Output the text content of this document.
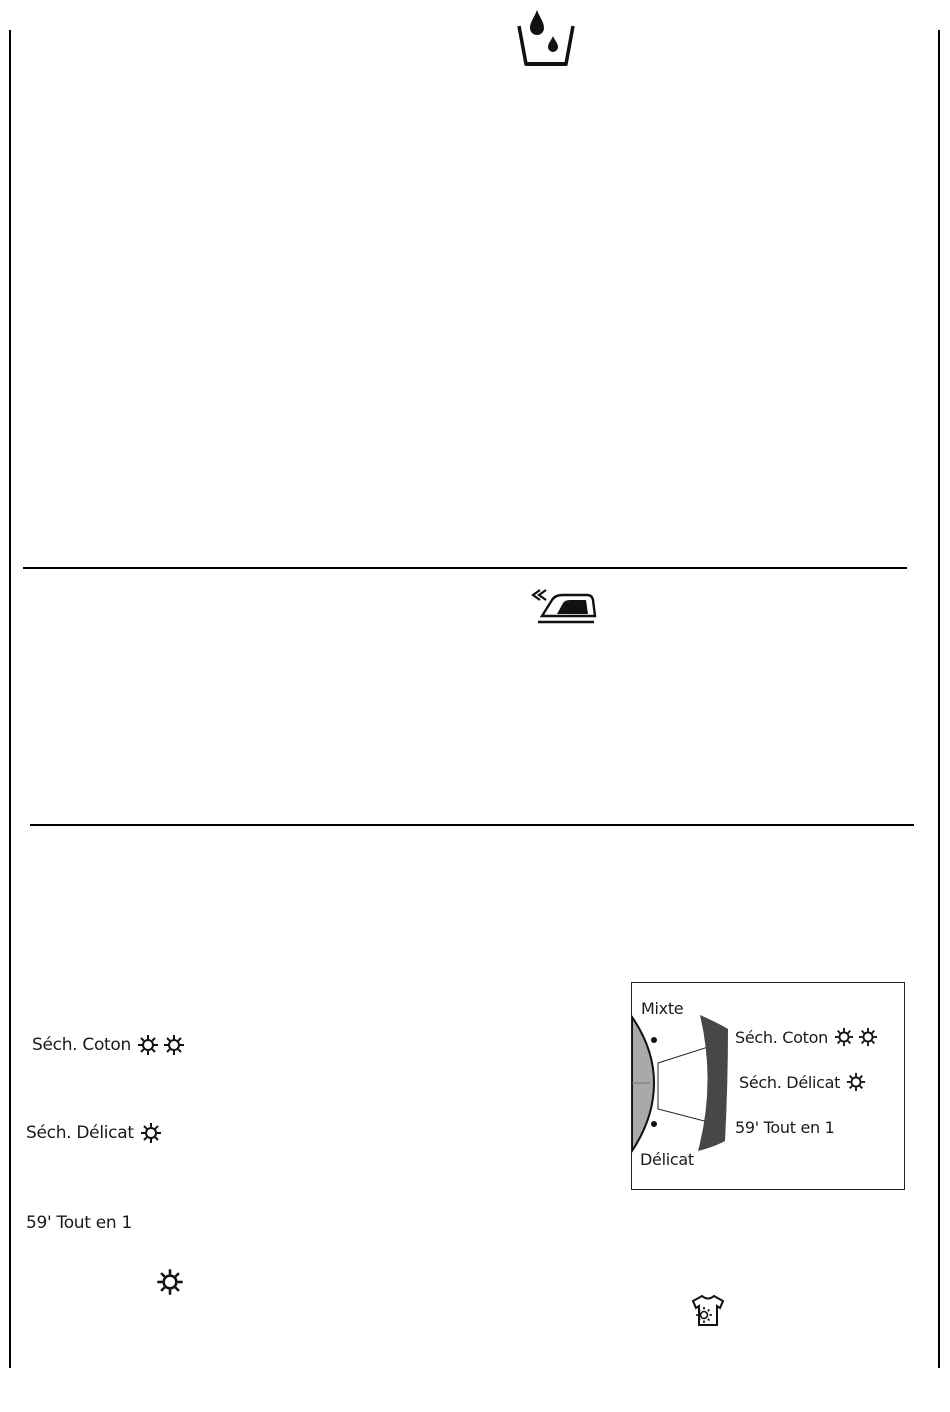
Séch. Coton
Séch. Délicat
59' Tout en 1
Mixte
Délicat
Séch. Coton
Séch. Délicat
59' Tout en 1
